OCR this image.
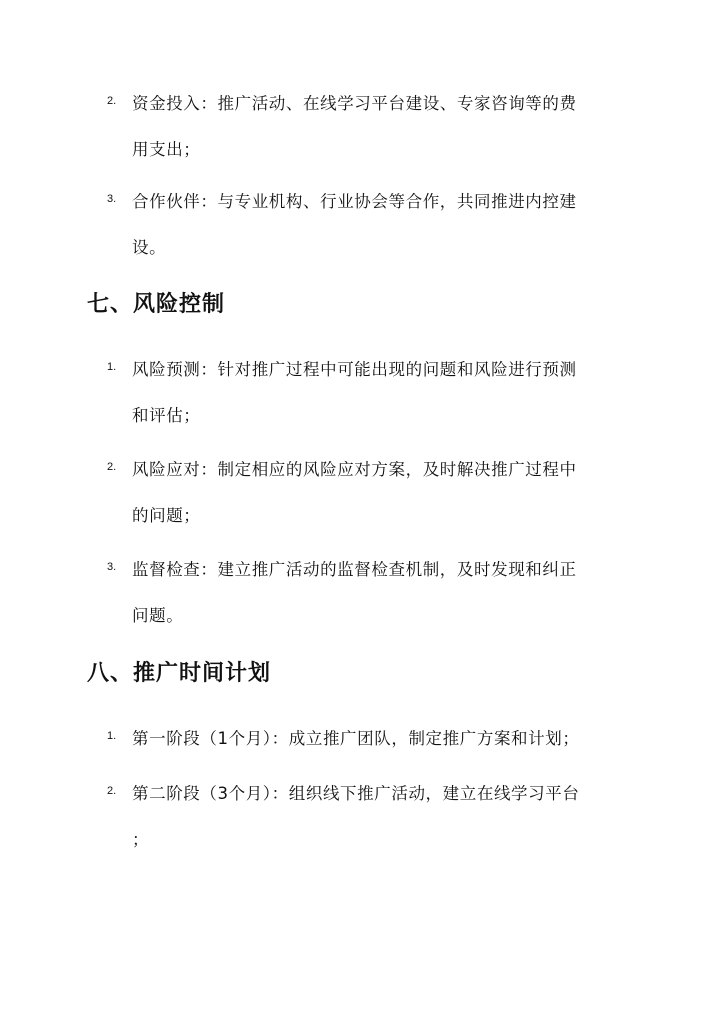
2. 资金投入：推广活动、在线学习平台建设、专家咨询等的费
用支出；
3. 合作伙伴：与专业机构、行业协会等合作，共同推进内控建
设。
七、风险控制
1. 风险预测：针对推广过程中可能出现的问题和风险进行预测
和评估；
2. 风险应对：制定相应的风险应对方案，及时解决推广过程中
的问题；
3. 监督检查：建立推广活动的监督检查机制，及时发现和纠正
问题。
八、推广时间计划
1. 第一阶段（1个月）：成立推广团队，制定推广方案和计划；
2. 第二阶段（3个月）：组织线下推广活动，建立在线学习平台
；
